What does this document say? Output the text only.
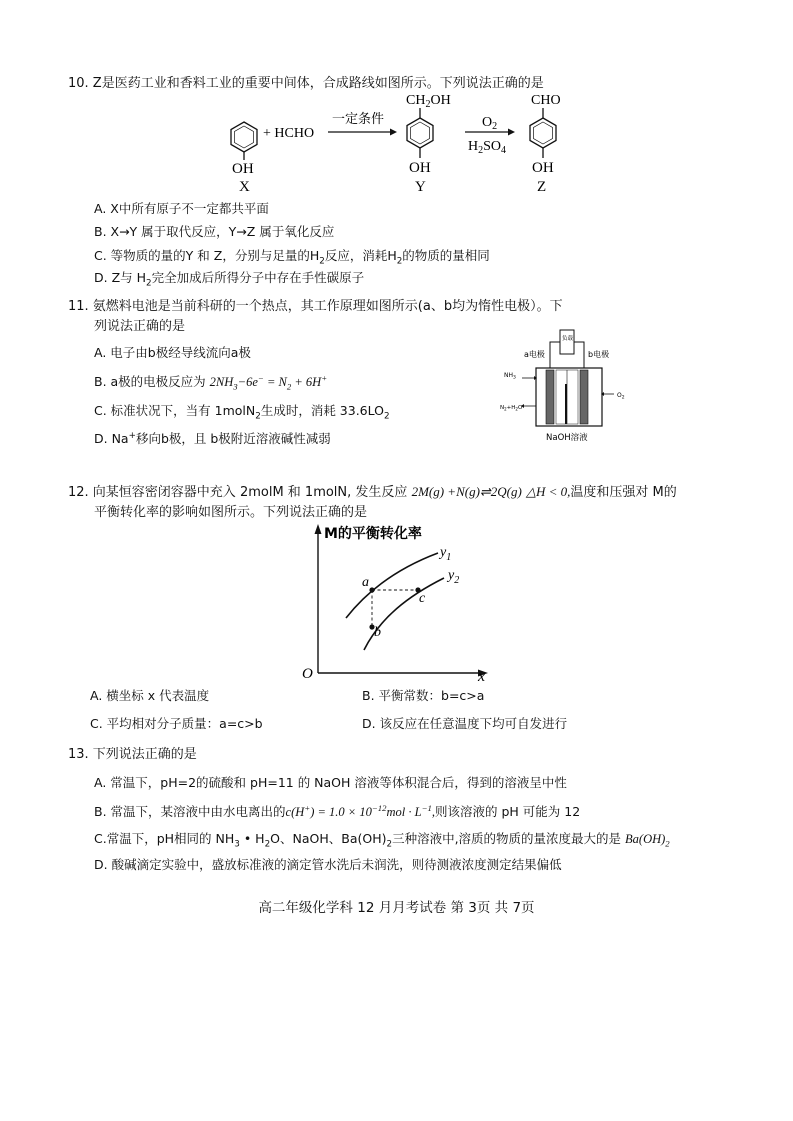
10. Z是医药工业和香料工业的重要中间体，合成路线如图所示。下列说法正确的是
OH
X
+ HCHO
一定条件
$CH_2OH$
OH
Y
$O_2$
$H_2SO_4$
CHO
OH
Z
A. X中所有原子不一定都共平面
B. X→Y 属于取代反应，Y→Z 属于氧化反应
C. 等物质的量的Y 和 Z，分别与足量的$H_2$反应，消耗$H_2$的物质的量相同
D. Z与 $H_2$完全加成后所得分子中存在手性碳原子
11. 氨燃料电池是当前科研的一个热点，其工作原理如图所示(a、b均为惰性电极）。下
列说法正确的是
A. 电子由b极经导线流向a极
B. a极的电极反应为 $2NH_3-6e^- = N_2 + 6H^+$
C. 标准状况下，当有 1molN$_2$生成时，消耗 $33.6LO_2$
D. Na+移向b极，且 b极附近溶液碱性减弱
负载
a电极	b电极
$NH_3$
$N_2+H_2O$
$O_2$
NaOH溶液
12. 向某恒容密闭容器中充入 2molM 和 1molN, 发生反应 2M(g) +N(g)⇌2Q(g) △H < 0,温度和压强对 M的
平衡转化率的影响如图所示。下列说法正确的是
M的平衡转化率
O	x
$y_1$
$y_2$
a
c
b
A. 横坐标 x 代表温度	B. 平衡常数：b=c>a
C. 平均相对分子质量：a=c>b	D. 该反应在任意温度下均可自发进行
13. 下列说法正确的是
A. 常温下，pH=2的硫酸和 pH=11 的 NaOH 溶液等体积混合后，得到的溶液呈中性
B. 常温下，某溶液中由水电离出的$c(H^+) = 1.0 \times 10^{-12}mol \cdot L^{-1}$,则该溶液的 pH 可能为 12
C.常温下，pH相同的 $NH_3$ • $H_2O$、NaOH、$Ba(OH)_2$三种溶液中,溶质的物质的量浓度最大的是 $Ba(OH)_2$
D. 酸碱滴定实验中，盛放标准液的滴定管水洗后未润洗，则待测液浓度测定结果偏低
高二年级化学科 12 月月考试卷 第 3页 共 7页
